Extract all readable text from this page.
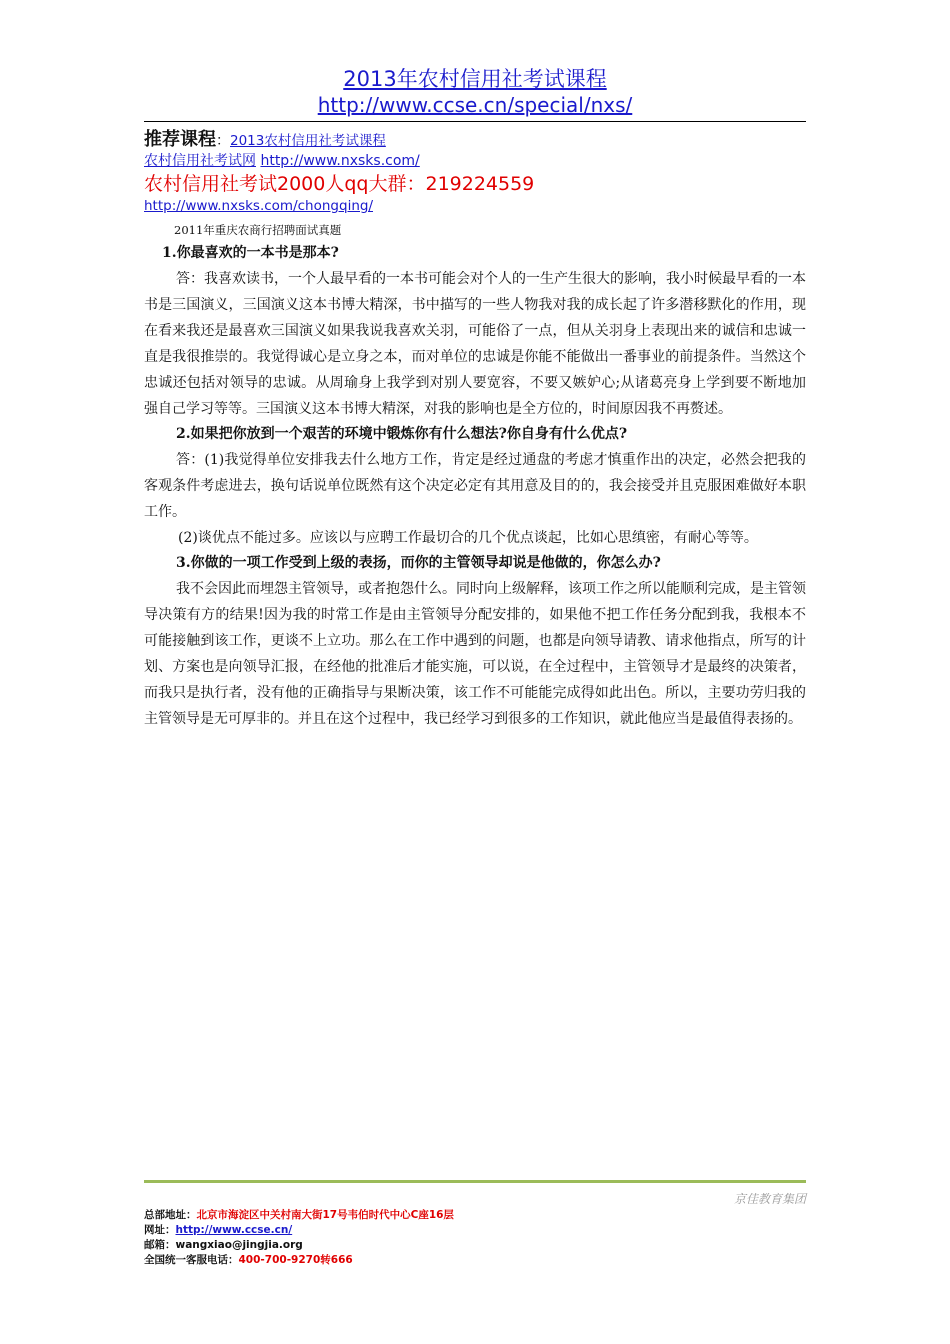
2013年农村信用社考试课程
http://www.ccse.cn/special/nxs/
推荐课程：2013农村信用社考试课程
农村信用社考试网 http://www.nxsks.com/
农村信用社考试2000人qq大群：219224559
http://www.nxsks.com/chongqing/
2011年重庆农商行招聘面试真题
1.你最喜欢的一本书是那本?

答：我喜欢读书，一个人最早看的一本书可能会对个人的一生产生很大的影响，我小时候最早看的一本书是三国演义，三国演义这本书博大精深，书中描写的一些人物我对我的成长起了许多潜移默化的作用，现在看来我还是最喜欢三国演义如果我说我喜欢关羽，可能俗了一点，但从关羽身上表现出来的诚信和忠诚一直是我很推崇的。我觉得诚心是立身之本，而对单位的忠诚是你能不能做出一番事业的前提条件。当然这个忠诚还包括对领导的忠诚。从周瑜身上我学到对别人要宽容，不要又嫉妒心;从诸葛亮身上学到要不断地加强自己学习等等。三国演义这本书博大精深，对我的影响也是全方位的，时间原因我不再赘述。

2.如果把你放到一个艰苦的环境中锻炼你有什么想法?你自身有什么优点?

答：(1)我觉得单位安排我去什么地方工作，肯定是经过通盘的考虑才慎重作出的决定，必然会把我的客观条件考虑进去，换句话说单位既然有这个决定必定有其用意及目的的，我会接受并且克服困难做好本职工作。

(2)谈优点不能过多。应该以与应聘工作最切合的几个优点谈起，比如心思缜密，有耐心等等。

3.你做的一项工作受到上级的表扬，而你的主管领导却说是他做的，你怎么办?

我不会因此而埋怨主管领导，或者抱怨什么。同时向上级解释，该项工作之所以能顺利完成，是主管领导决策有方的结果!因为我的时常工作是由主管领导分配安排的，如果他不把工作任务分配到我，我根本不可能接触到该工作，更谈不上立功。那么在工作中遇到的问题，也都是向领导请教、请求他指点，所写的计划、方案也是向领导汇报，在经他的批准后才能实施，可以说，在全过程中，主管领导才是最终的决策者，而我只是执行者，没有他的正确指导与果断决策，该工作不可能能完成得如此出色。所以，主要功劳归我的主管领导是无可厚非的。并且在这个过程中，我已经学习到很多的工作知识，就此他应当是最值得表扬的。

京佳教育集团
总部地址：北京市海淀区中关村南大街17号韦伯时代中心C座16层
网址：http://www.ccse.cn/
邮箱：wangxiao@jingjia.org
全国统一客服电话：400-700-9270转666
